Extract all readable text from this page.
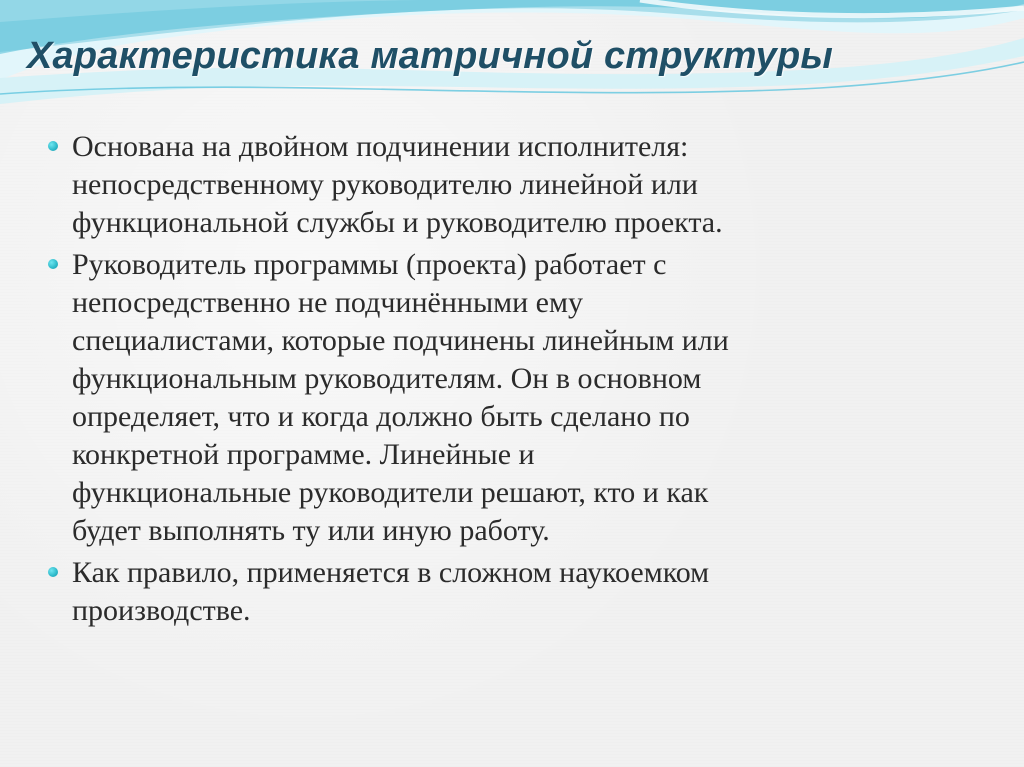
Характеристика матричной структуры
Основана на двойном подчинении исполнителя:
непосредственному руководителю линейной или
функциональной службы и руководителю проекта.
Руководитель программы (проекта) работает с
непосредственно не подчинёнными ему
специалистами, которые подчинены линейным или
функциональным руководителям. Он в основном
определяет, что и когда должно быть сделано по
конкретной программе. Линейные и
функциональные руководители решают, кто и как
будет выполнять ту или иную работу.
Как правило, применяется в сложном наукоемком
производстве.
